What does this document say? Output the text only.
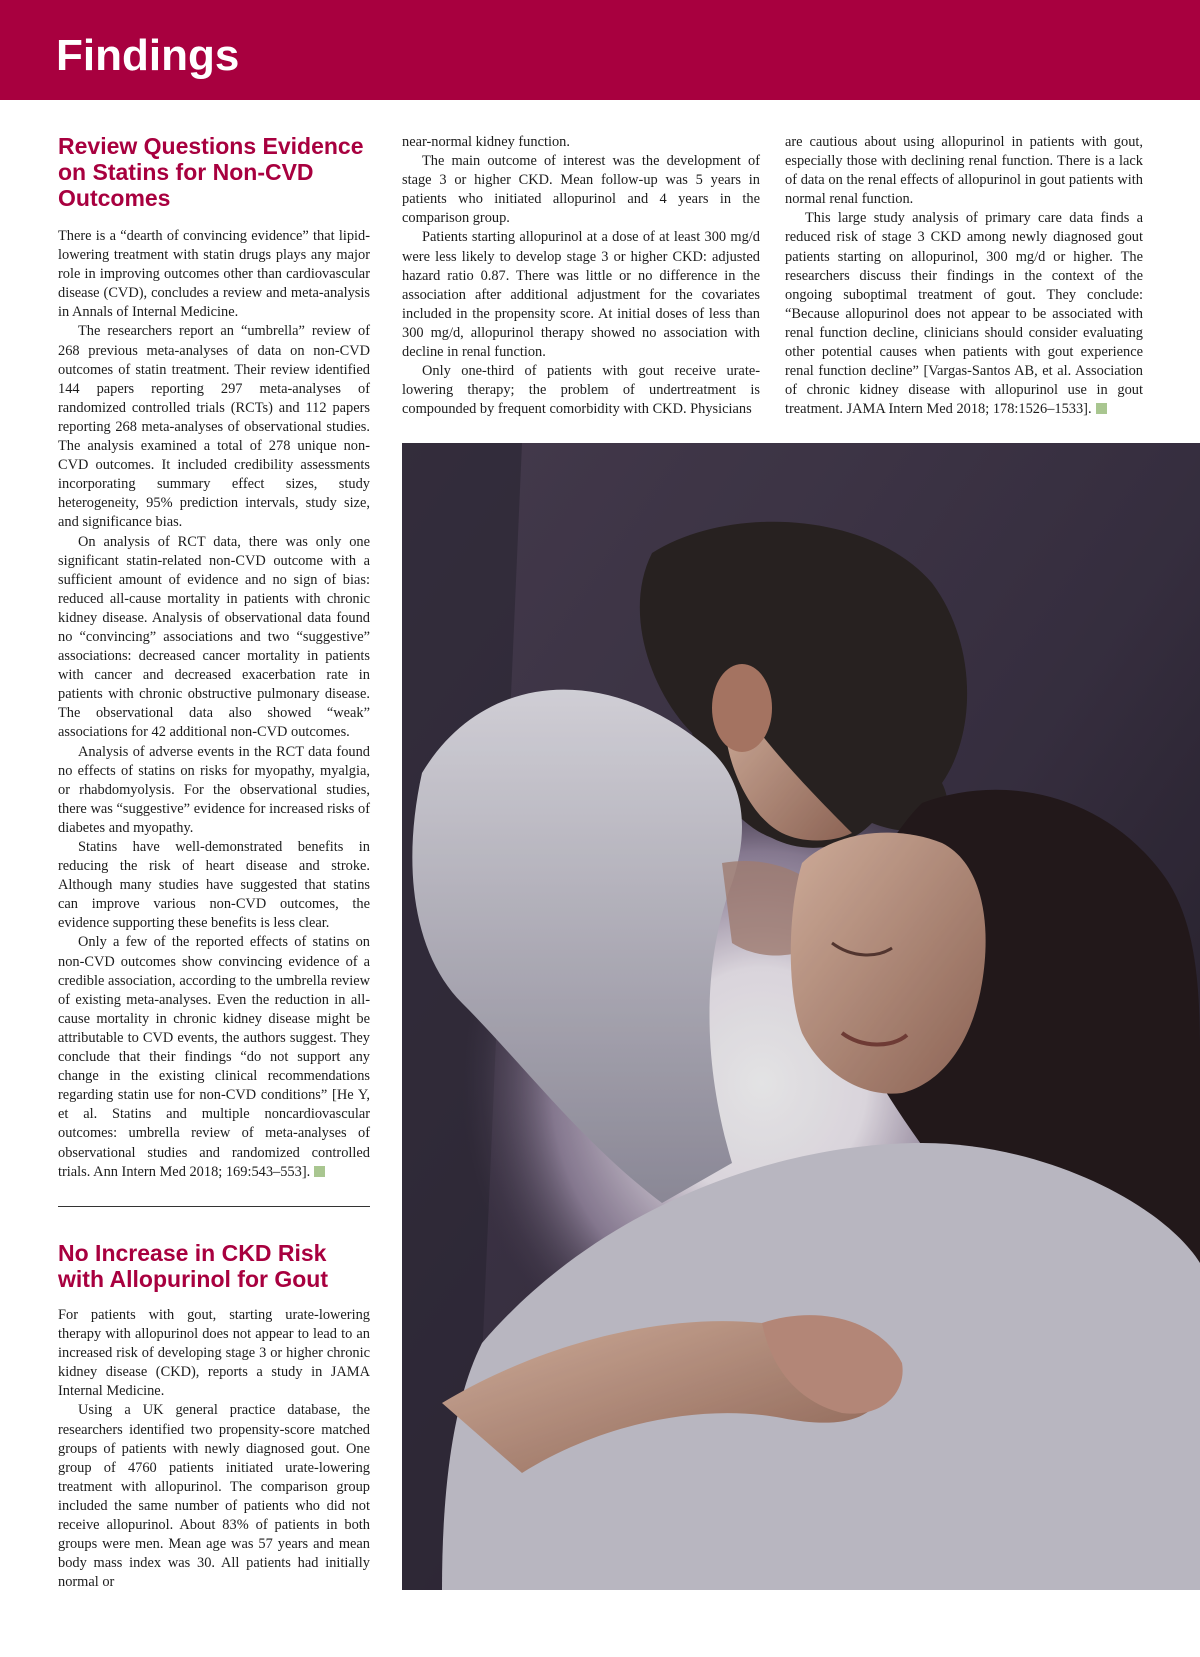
Findings
Review Questions Evidence on Statins for Non-CVD Outcomes

There is a “dearth of convincing evidence” that lipid-lowering treatment with statin drugs plays any major role in improving outcomes other than cardiovascular disease (CVD), concludes a review and meta-analysis in Annals of Internal Medicine.

The researchers report an “umbrella” review of 268 previous meta-analyses of data on non-CVD outcomes of statin treatment. Their review identified 144 papers reporting 297 meta-analyses of randomized controlled trials (RCTs) and 112 papers reporting 268 meta-analyses of observational studies. The analysis examined a total of 278 unique non-CVD outcomes. It included credibility assessments incorporating summary effect sizes, study heterogeneity, 95% prediction intervals, study size, and significance bias.

On analysis of RCT data, there was only one significant statin-related non-CVD outcome with a sufficient amount of evidence and no sign of bias: reduced all-cause mortality in patients with chronic kidney disease. Analysis of observational data found no “convincing” associations and two “suggestive” associations: decreased cancer mortality in patients with cancer and decreased exacerbation rate in patients with chronic obstructive pulmonary disease. The observational data also showed “weak” associations for 42 additional non-CVD outcomes.

Analysis of adverse events in the RCT data found no effects of statins on risks for myopathy, myalgia, or rhabdomyolysis. For the observational studies, there was “suggestive” evidence for increased risks of diabetes and myopathy.

Statins have well-demonstrated benefits in reducing the risk of heart disease and stroke. Although many studies have suggested that statins can improve various non-CVD outcomes, the evidence supporting these benefits is less clear.

Only a few of the reported effects of statins on non-CVD outcomes show convincing evidence of a credible association, according to the umbrella review of existing meta-analyses. Even the reduction in all-cause mortality in chronic kidney disease might be attributable to CVD events, the authors suggest. They conclude that their findings “do not support any change in the existing clinical recommendations regarding statin use for non-CVD conditions” [He Y, et al. Statins and multiple noncardiovascular outcomes: umbrella review of meta-analyses of observational studies and randomized controlled trials. Ann Intern Med 2018; 169:543–553].

No Increase in CKD Risk with Allopurinol for Gout

For patients with gout, starting urate-lowering therapy with allopurinol does not appear to lead to an increased risk of developing stage 3 or higher chronic kidney disease (CKD), reports a study in JAMA Internal Medicine.

Using a UK general practice database, the researchers identified two propensity-score matched groups of patients with newly diagnosed gout. One group of 4760 patients initiated urate-lowering treatment with allopurinol. The comparison group included the same number of patients who did not receive allopurinol. About 83% of patients in both groups were men. Mean age was 57 years and mean body mass index was 30. All patients had initially normal or

near-normal kidney function.

The main outcome of interest was the development of stage 3 or higher CKD. Mean follow-up was 5 years in patients who initiated allopurinol and 4 years in the comparison group.

Patients starting allopurinol at a dose of at least 300 mg/d were less likely to develop stage 3 or higher CKD: adjusted hazard ratio 0.87. There was little or no difference in the association after additional adjustment for the covariates included in the propensity score. At initial doses of less than 300 mg/d, allopurinol therapy showed no association with decline in renal function.

Only one-third of patients with gout receive urate-lowering therapy; the problem of undertreatment is compounded by frequent comorbidity with CKD. Physicians

are cautious about using allopurinol in patients with gout, especially those with declining renal function. There is a lack of data on the renal effects of allopurinol in gout patients with normal renal function.

This large study analysis of primary care data finds a reduced risk of stage 3 CKD among newly diagnosed gout patients starting on allopurinol, 300 mg/d or higher. The researchers discuss their findings in the context of the ongoing suboptimal treatment of gout. They conclude: “Because allopurinol does not appear to be associated with renal function decline, clinicians should consider evaluating other potential causes when patients with gout experience renal function decline” [Vargas-Santos AB, et al. Association of chronic kidney disease with allopurinol use in gout treatment. JAMA Intern Med 2018; 178:1526–1533].
